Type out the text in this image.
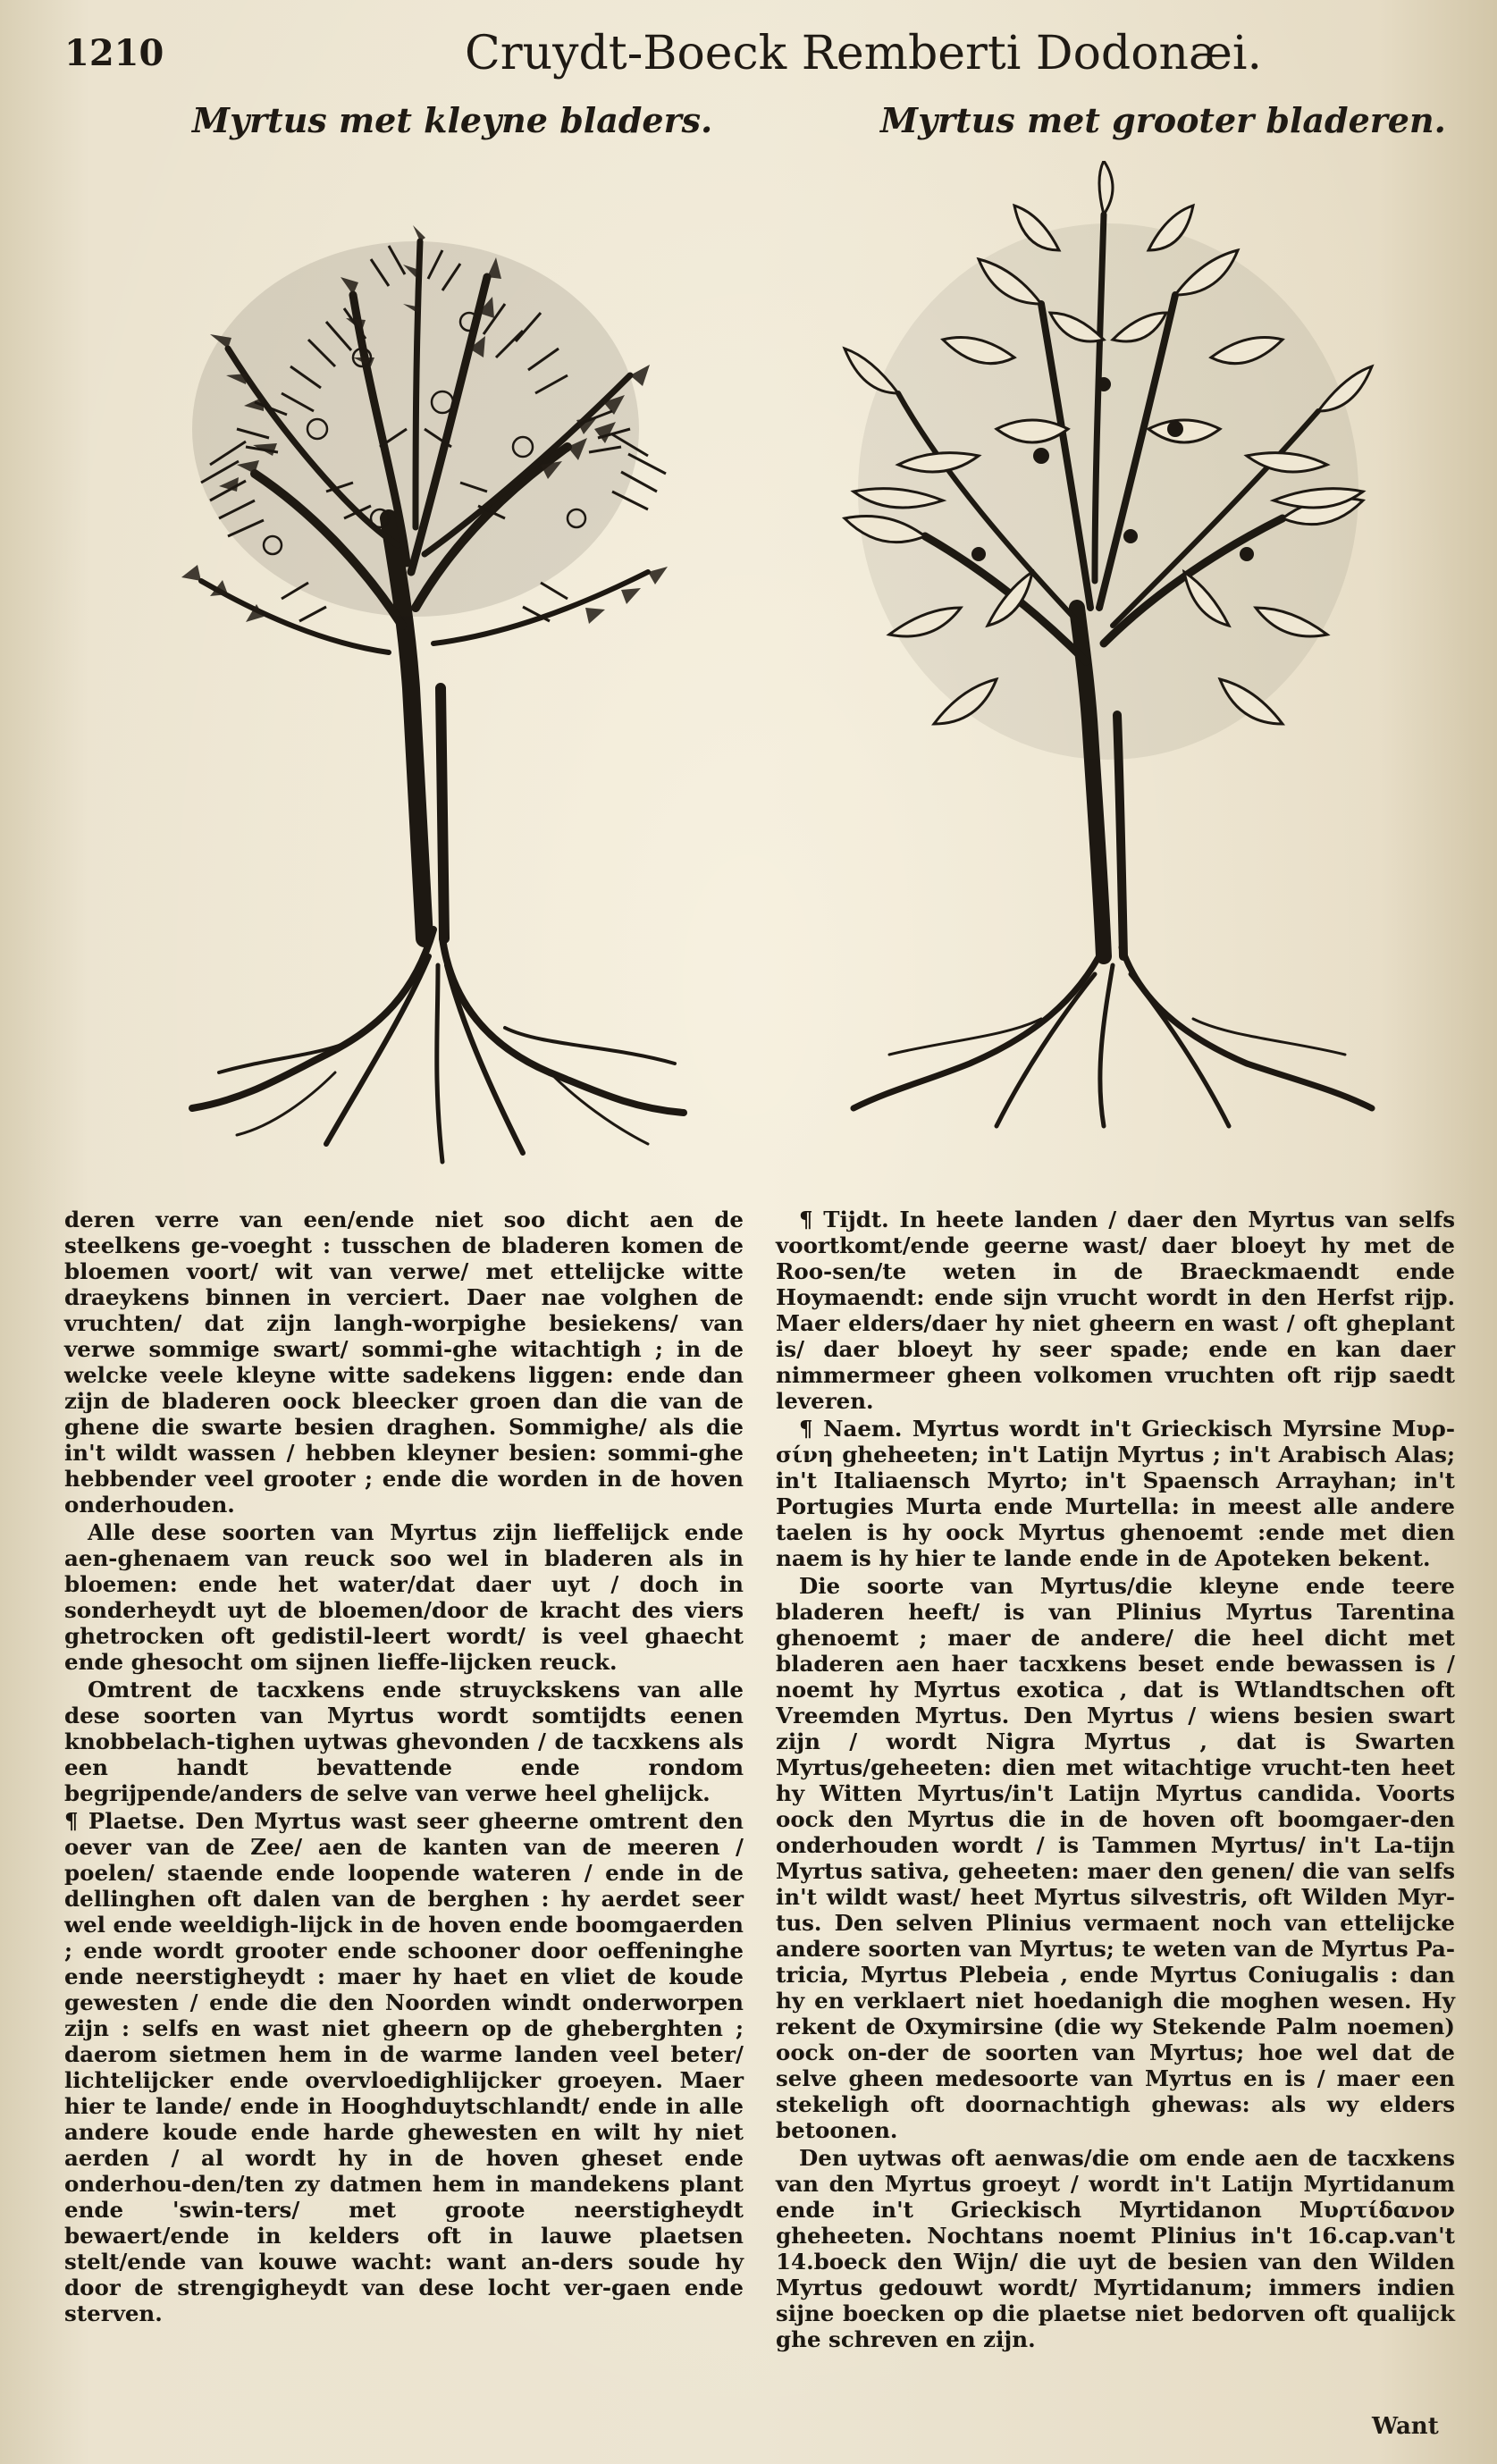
1210	Cruydt-Boeck Remberti Dodonæi.
Myrtus met kleyne bladers.	Myrtus met grooter bladeren.

deren verre van een/ende niet soo dicht aen de steelkens ge-voeght : tusschen de bladeren komen de bloemen voort/ wit van verwe/ met ettelijcke witte draeykens binnen in verciert. Daer nae volghen de vruchten/ dat zijn langh-worpighe besiekens/ van verwe sommige swart/ sommi-ghe witachtigh ; in de welcke veele kleyne witte sadekens liggen: ende dan zijn de bladeren oock bleecker groen dan die van de ghene die swarte besien draghen. Sommighe/ als die in't wildt wassen / hebben kleyner besien: sommi-ghe hebbender veel grooter ; ende die worden in de hoven onderhouden.

Alle dese soorten van Myrtus zijn lieffelijck ende aen-ghenaem van reuck soo wel in bladeren als in bloemen: ende het water/dat daer uyt / doch in sonderheydt uyt de bloemen/door de kracht des viers ghetrocken oft gedistil-leert wordt/ is veel ghaecht ende ghesocht om sijnen lieffe-lijcken reuck.

Omtrent de tacxkens ende struyckskens van alle dese soorten van Myrtus wordt somtijdts eenen knobbelach-tighen uytwas ghevonden / de tacxkens als een handt bevattende ende rondom begrijpende/anders de selve van verwe heel ghelijck.

¶ Plaetse. Den Myrtus wast seer gheerne omtrent den oever van de Zee/ aen de kanten van de meeren / poelen/ staende ende loopende wateren / ende in de dellinghen oft dalen van de berghen : hy aerdet seer wel ende weeldigh-lijck in de hoven ende boomgaerden ; ende wordt grooter ende schooner door oeffeninghe ende neerstigheydt : maer hy haet en vliet de koude gewesten / ende die den Noorden windt onderworpen zijn : selfs en wast niet gheern op de gheberghten ; daerom sietmen hem in de warme landen veel beter/ lichtelijcker ende overvloedighlijcker groeyen. Maer hier te lande/ ende in Hooghduytschlandt/ ende in alle andere koude ende harde ghewesten en wilt hy niet aerden / al wordt hy in de hoven gheset ende onderhou-den/ten zy datmen hem in mandekens plant ende 'swin-ters/ met groote neerstigheydt bewaert/ende in kelders oft in lauwe plaetsen stelt/ende van kouwe wacht: want an-ders soude hy door de strengigheydt van dese locht ver-gaen ende sterven.

¶ Tijdt. In heete landen / daer den Myrtus van selfs voortkomt/ende geerne wast/ daer bloeyt hy met de Roo-sen/te weten in de Braeckmaendt ende Hoymaendt: ende sijn vrucht wordt in den Herfst rijp. Maer elders/daer hy niet gheern en wast / oft gheplant is/ daer bloeyt hy seer spade; ende en kan daer nimmermeer gheen volkomen vruchten oft rijp saedt leveren.

¶ Naem. Myrtus wordt in't Grieckisch Myrsine Μυρ-σίνη gheheeten; in't Latijn Myrtus ; in't Arabisch Alas; in't Italiaensch Myrto; in't Spaensch Arrayhan; in't Portugies Murta ende Murtella: in meest alle andere taelen is hy oock Myrtus ghenoemt :ende met dien naem is hy hier te lande ende in de Apoteken bekent.

Die soorte van Myrtus/die kleyne ende teere bladeren heeft/ is van Plinius Myrtus Tarentina ghenoemt ; maer de andere/ die heel dicht met bladeren aen haer tacxkens beset ende bewassen is / noemt hy Myrtus exotica , dat is Wtlandtschen oft Vreemden Myrtus. Den Myrtus / wiens besien swart zijn / wordt Nigra Myrtus , dat is Swarten Myrtus/geheeten: dien met witachtige vrucht-ten heet hy Witten Myrtus/in't Latijn Myrtus candida. Voorts oock den Myrtus die in de hoven oft boomgaer-den onderhouden wordt / is Tammen Myrtus/ in't La-tijn Myrtus sativa, geheeten: maer den genen/ die van selfs in't wildt wast/ heet Myrtus silvestris, oft Wilden Myr-tus. Den selven Plinius vermaent noch van ettelijcke andere soorten van Myrtus; te weten van de Myrtus Pa-tricia, Myrtus Plebeia , ende Myrtus Coniugalis : dan hy en verklaert niet hoedanigh die moghen wesen. Hy rekent de Oxymirsine (die wy Stekende Palm noemen) oock on-der de soorten van Myrtus; hoe wel dat de selve gheen medesoorte van Myrtus en is / maer een stekeligh oft doornachtigh ghewas: als wy elders betoonen.

Den uytwas oft aenwas/die om ende aen de tacxkens van den Myrtus groeyt / wordt in't Latijn Myrtidanum ende in't Grieckisch Myrtidanon Μυρτίδανον gheheeten. Nochtans noemt Plinius in't 16.cap.van't 14.boeck den Wijn/ die uyt de besien van den Wilden Myrtus gedouwt wordt/ Myrtidanum; immers indien sijne boecken op die plaetse niet bedorven oft qualijck ghe schreven en zijn.

Want
